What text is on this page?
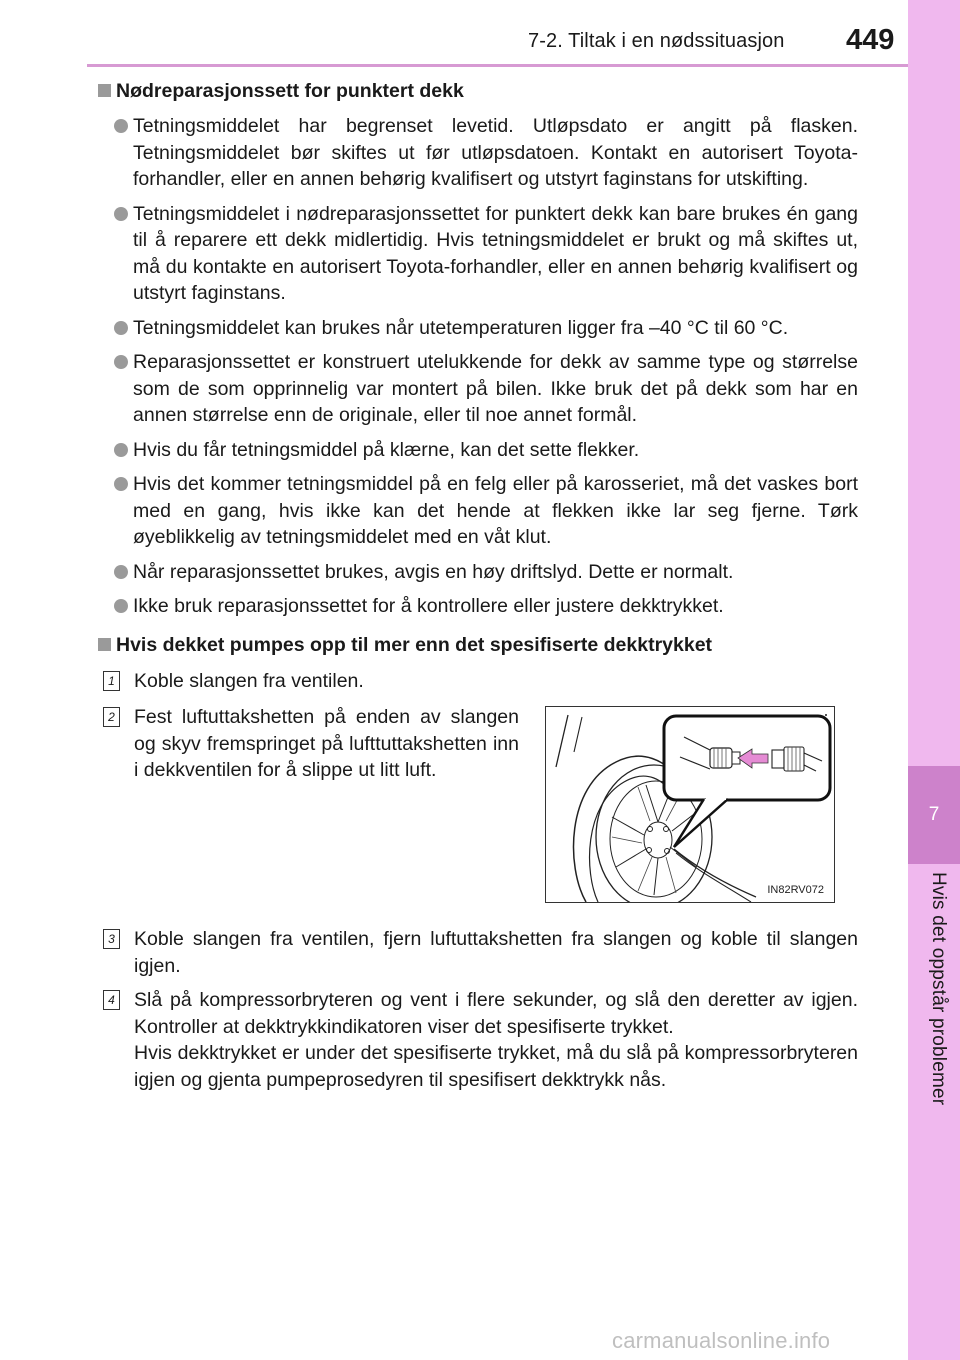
7-2. Tiltak i en nødssituasjon 449
7
Hvis det oppstår problemer
Nødreparasjonssett for punktert dekk
Tetningsmiddelet har begrenset levetid. Utløpsdato er angitt på flasken. Tetningsmiddelet bør skiftes ut før utløpsdatoen. Kontakt en autorisert Toyota-forhandler, eller en annen behørig kvalifisert og utstyrt faginstans for utskifting.
Tetningsmiddelet i nødreparasjonssettet for punktert dekk kan bare brukes én gang til å reparere ett dekk midlertidig. Hvis tetningsmiddelet er brukt og må skiftes ut, må du kontakte en autorisert Toyota-forhandler, eller en annen behørig kvalifisert og utstyrt faginstans.
Tetningsmiddelet kan brukes når utetemperaturen ligger fra –40 °C til 60 °C.
Reparasjonssettet er konstruert utelukkende for dekk av samme type og størrelse som de som opprinnelig var montert på bilen. Ikke bruk det på dekk som har en annen størrelse enn de originale, eller til noe annet formål.
Hvis du får tetningsmiddel på klærne, kan det sette flekker.
Hvis det kommer tetningsmiddel på en felg eller på karosseriet, må det vaskes bort med en gang, hvis ikke kan det hende at flekken ikke lar seg fjerne. Tørk øyeblikkelig av tetningsmiddelet med en våt klut.
Når reparasjonssettet brukes, avgis en høy driftslyd. Dette er normalt.
Ikke bruk reparasjonssettet for å kontrollere eller justere dekktrykket.
Hvis dekket pumpes opp til mer enn det spesifiserte dekktrykket
1 Koble slangen fra ventilen.
2 Fest luftuttakshetten på enden av slangen og skyv fremspringet på lufttuttakshetten inn i dekkventilen for å slippe ut litt luft.
IN82RV072
3 Koble slangen fra ventilen, fjern luftuttakshetten fra slangen og koble til slangen igjen.
4 Slå på kompressorbryteren og vent i flere sekunder, og slå den deretter av igjen. Kontroller at dekktrykkindikatoren viser det spesifiserte trykket.
Hvis dekktrykket er under det spesifiserte trykket, må du slå på kompressorbryteren igjen og gjenta pumpeprosedyren til spesifisert dekktrykk nås.
carmanualsonline.info
